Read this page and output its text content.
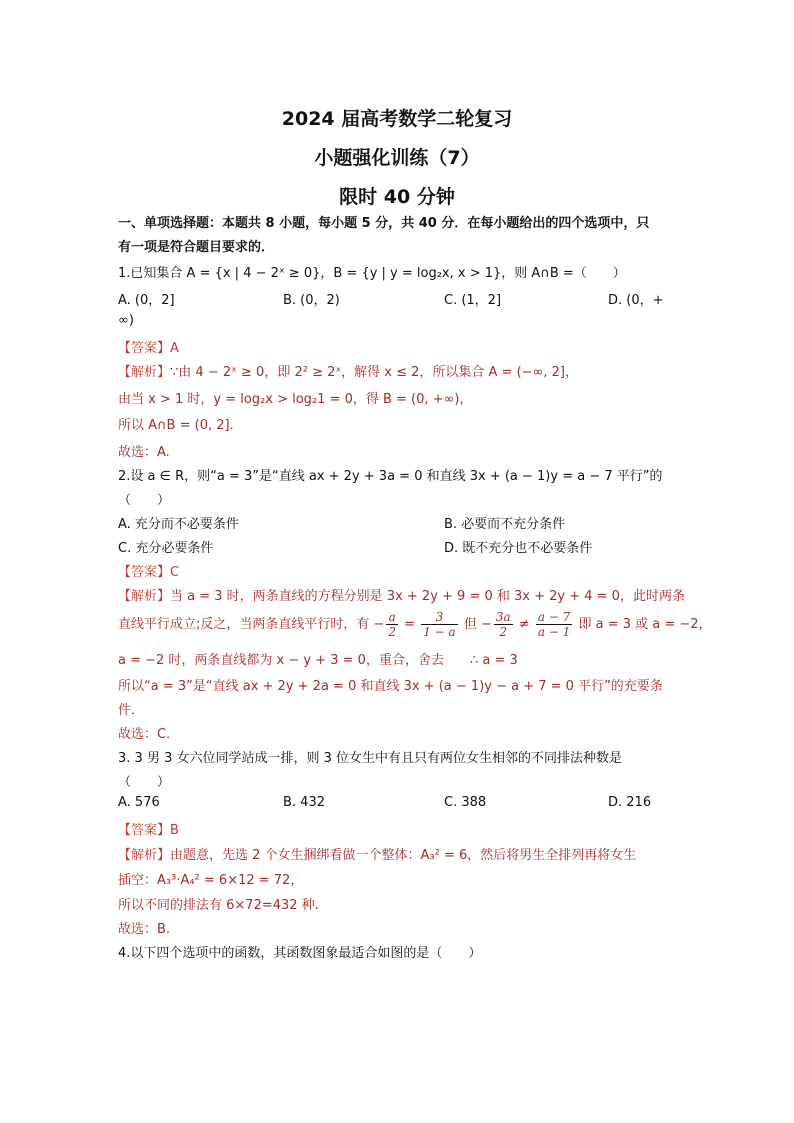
2024 届高考数学二轮复习
小题强化训练（7）
限时 40 分钟
一、单项选择题：本题共 8 小题，每小题 5 分，共 40 分．在每小题给出的四个选项中，只
有一项是符合题目要求的．
1.已知集合 A = {x | 4 − 2ˣ ≥ 0}，B = {y | y = log₂x, x > 1}，则 A∩B =（　　）
A. (0，2]	B. (0，2)	C. (1，2]	D. (0，+
∞)
【答案】A
【解析】∵由 4 − 2ˣ ≥ 0，即 2² ≥ 2ˣ，解得 x ≤ 2，所以集合 A = (−∞, 2]，
由当 x > 1 时，y = log₂x > log₂1 = 0，得 B = (0, +∞)，
所以 A∩B = (0, 2]．
故选：A.
2.设 a ∈ R，则“a = 3”是“直线 ax + 2y + 3a = 0 和直线 3x + (a − 1)y = a − 7 平行”的
（　　）
A. 充分而不必要条件	B. 必要而不充分条件
C. 充分必要条件	D. 既不充分也不必要条件
【答案】C
【解析】当 a = 3 时，两条直线的方程分别是 3x + 2y + 9 = 0 和 3x + 2y + 4 = 0，此时两条
直线平行成立;反之，当两条直线平行时，有 − $\frac{a}{2} = \frac{3}{1 - a}$ 但 − $\frac{3a}{2} \ne \frac{a - 7}{a - 1}$ 即 a = 3 或 a = −2，
a = −2 时，两条直线都为 x − y + 3 = 0，重合，舍去　　∴ a = 3
所以“a = 3”是“直线 ax + 2y + 2a = 0 和直线 3x + (a − 1)y − a + 7 = 0 平行”的充要条
件．
故选：C．
3. 3 男 3 女六位同学站成一排，则 3 位女生中有且只有两位女生相邻的不同排法种数是
（　　）
A. 576	B. 432	C. 388	D. 216
【答案】B
【解析】由题意，先选 2 个女生捆绑看做一个整体：A₃² = 6，然后将男生全排列再将女生
插空：A₃³·A₄² = 6×12 = 72，
所以不同的排法有 6×72=432 种.
故选：B.
4.以下四个选项中的函数，其函数图象最适合如图的是（　　）
